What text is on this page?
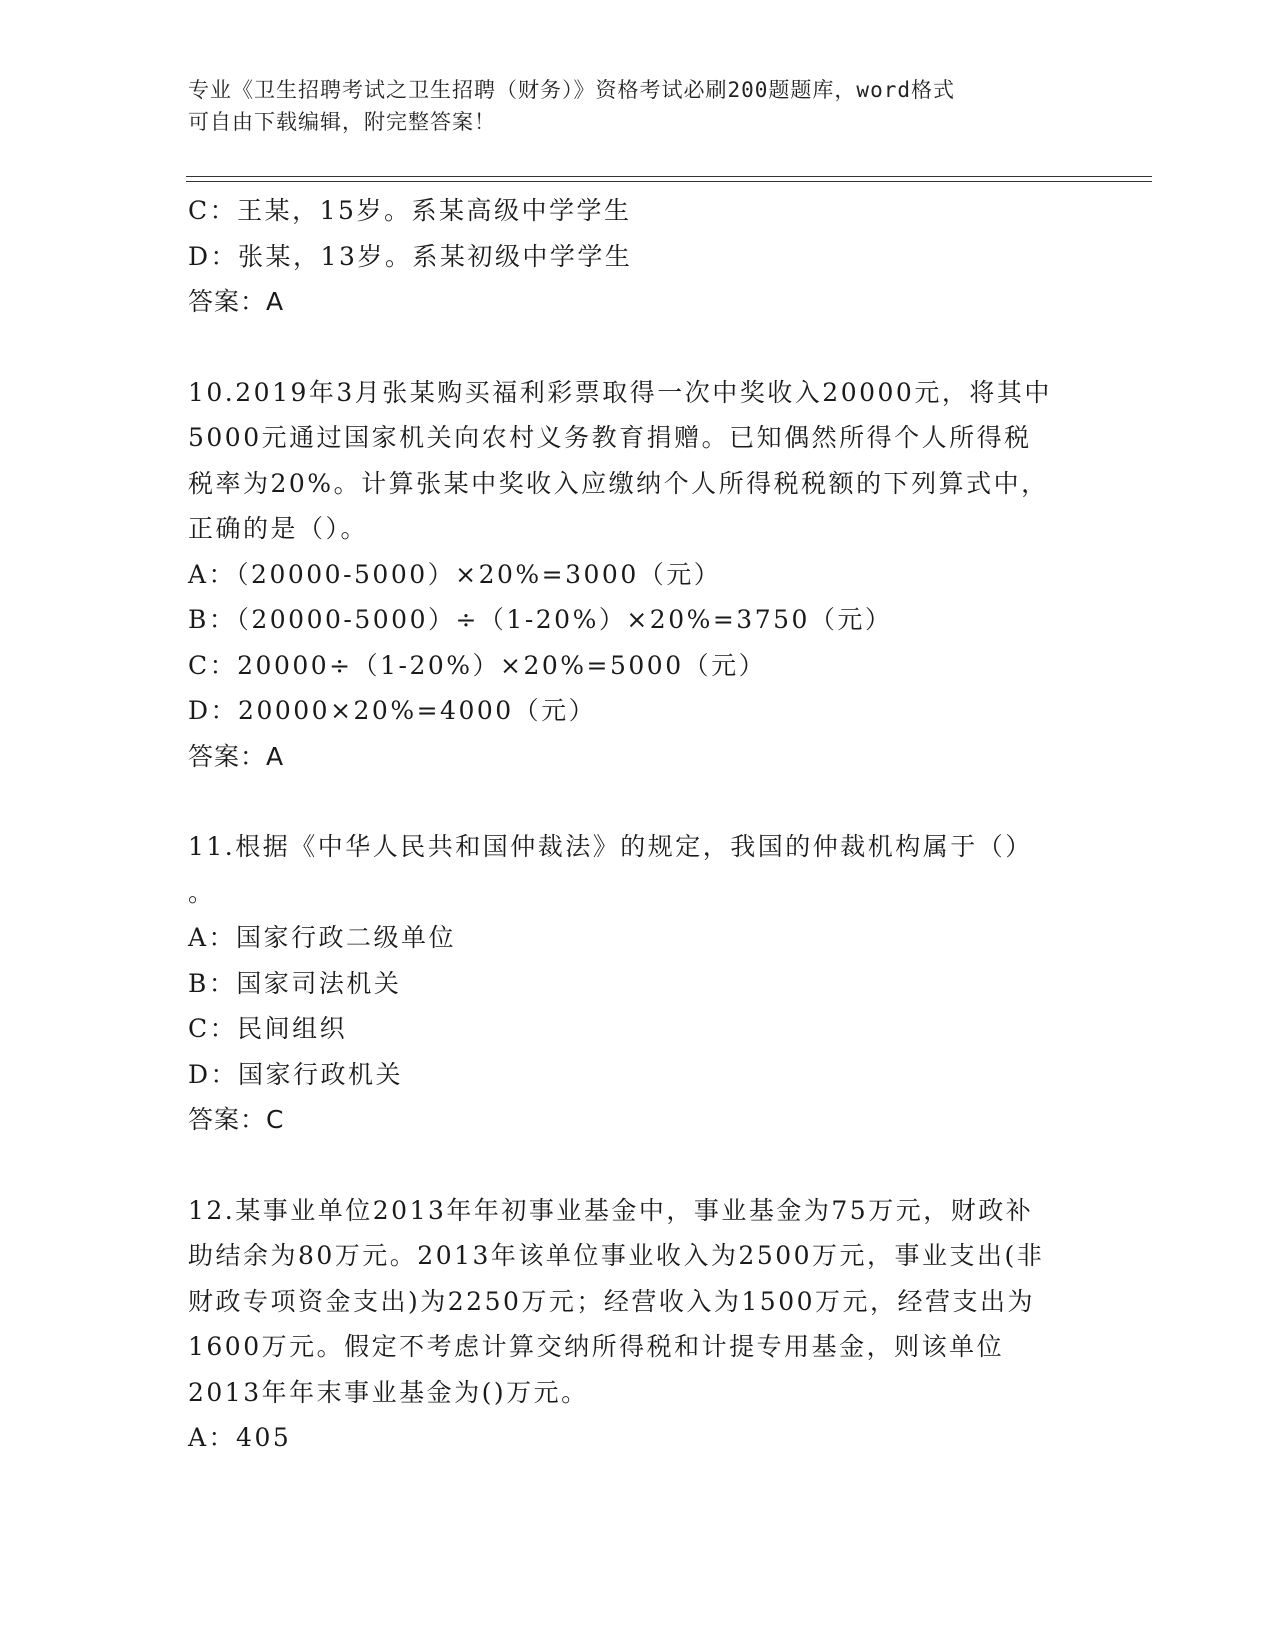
专业《卫生招聘考试之卫生招聘（财务）》资格考试必刷200题题库，word格式
可自由下载编辑，附完整答案！
C：王某，15岁。系某高级中学学生
D：张某，13岁。系某初级中学学生
答案：A
10.2019年3月张某购买福利彩票取得一次中奖收入20000元，将其中
5000元通过国家机关向农村义务教育捐赠。已知偶然所得个人所得税
税率为20%。计算张某中奖收入应缴纳个人所得税税额的下列算式中，
正确的是（）。
A：（20000-5000）×20%=3000（元）
B：（20000-5000）÷（1-20%）×20%=3750（元）
C：20000÷（1-20%）×20%=5000（元）
D：20000×20%=4000（元）
答案：A
11.根据《中华人民共和国仲裁法》的规定，我国的仲裁机构属于（）
。
A：国家行政二级单位
B：国家司法机关
C：民间组织
D：国家行政机关
答案：C
12.某事业单位2013年年初事业基金中，事业基金为75万元，财政补
助结余为80万元。2013年该单位事业收入为2500万元，事业支出(非
财政专项资金支出)为2250万元；经营收入为1500万元，经营支出为
1600万元。假定不考虑计算交纳所得税和计提专用基金，则该单位
2013年年末事业基金为()万元。
A：405
